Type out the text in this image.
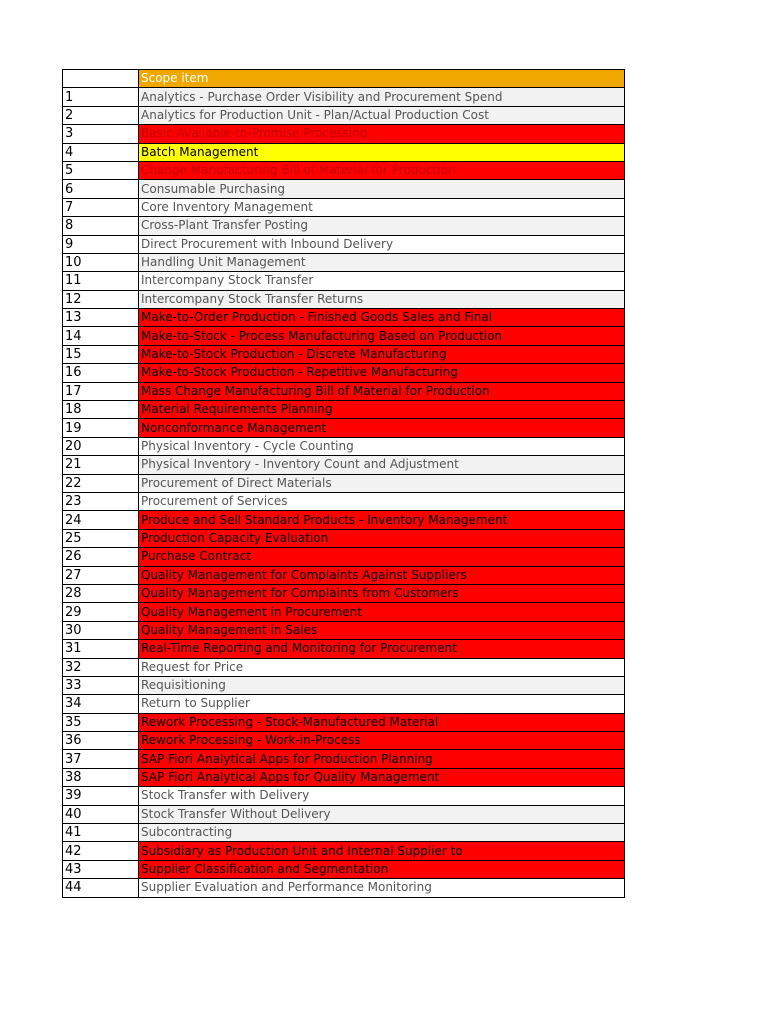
	Scope item
1	Analytics - Purchase Order Visibility and Procurement Spend
2	Analytics for Production Unit - Plan/Actual Production Cost
3	Basic Available-to-Promise Processing
4	Batch Management
5	Change Manufacturing Bill of Material for Production
6	Consumable Purchasing
7	Core Inventory Management
8	Cross-Plant Transfer Posting
9	Direct Procurement with Inbound Delivery
10	Handling Unit Management
11	Intercompany Stock Transfer
12	Intercompany Stock Transfer Returns
13	Make-to-Order Production - Finished Goods Sales and Final
14	Make-to-Stock - Process Manufacturing Based on Production
15	Make-to-Stock Production - Discrete Manufacturing
16	Make-to-Stock Production - Repetitive Manufacturing
17	Mass Change Manufacturing Bill of Material for Production
18	Material Requirements Planning
19	Nonconformance Management
20	Physical Inventory - Cycle Counting
21	Physical Inventory - Inventory Count and Adjustment
22	Procurement of Direct Materials
23	Procurement of Services
24	Produce and Sell Standard Products - Inventory Management
25	Production Capacity Evaluation
26	Purchase Contract
27	Quality Management for Complaints Against Suppliers
28	Quality Management for Complaints from Customers
29	Quality Management in Procurement
30	Quality Management in Sales
31	Real-Time Reporting and Monitoring for Procurement
32	Request for Price
33	Requisitioning
34	Return to Supplier
35	Rework Processing - Stock-Manufactured Material
36	Rework Processing - Work-in-Process
37	SAP Fiori Analytical Apps for Production Planning
38	SAP Fiori Analytical Apps for Quality Management
39	Stock Transfer with Delivery
40	Stock Transfer Without Delivery
41	Subcontracting
42	Subsidiary as Production Unit and Internal Supplier to
43	Supplier Classification and Segmentation
44	Supplier Evaluation and Performance Monitoring
